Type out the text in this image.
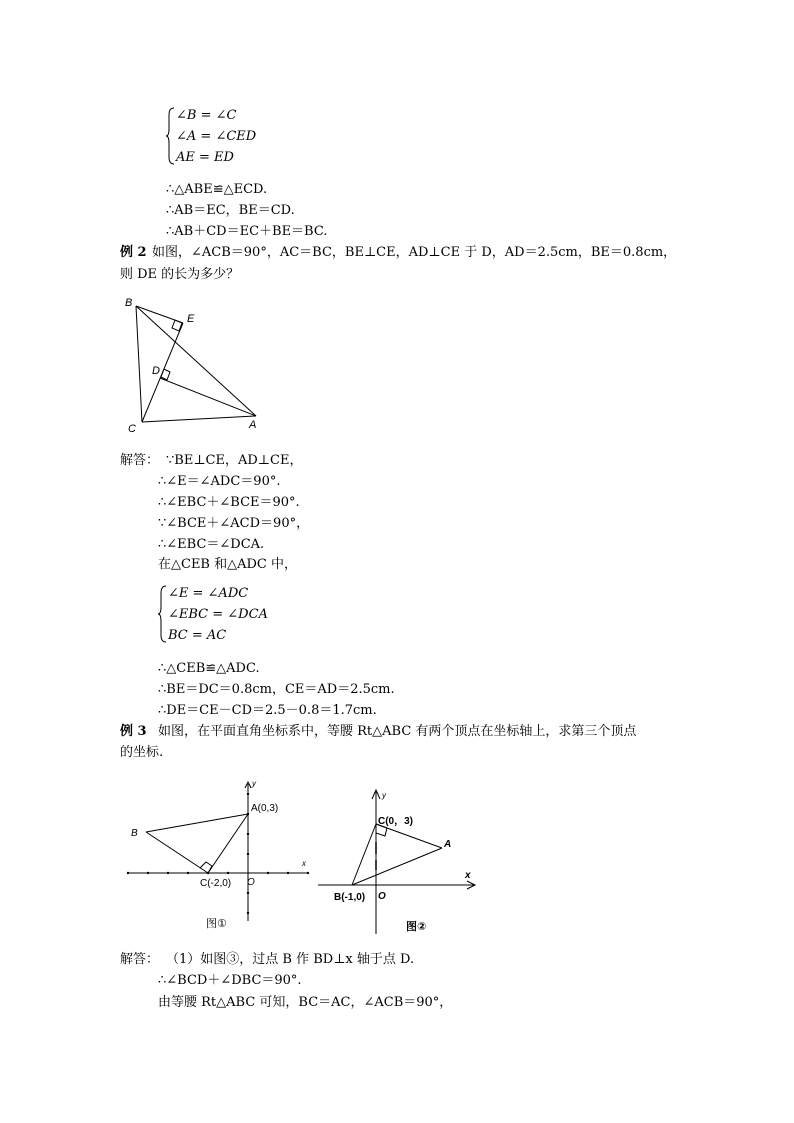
∠B = ∠C
∠A = ∠CED
AE = ED
∴△ABE≌△ECD.
∴AB＝EC，BE＝CD.
∴AB＋CD＝EC＋BE＝BC.
例 2 如图，∠ACB＝90°，AC＝BC，BE⊥CE，AD⊥CE 于 D，AD＝2.5cm，BE＝0.8cm，
则 DE 的长为多少？
B
E
D
C	A
解答： ∵BE⊥CE，AD⊥CE，
∴∠E＝∠ADC＝90°.
∴∠EBC＋∠BCE＝90°.
∵∠BCE＋∠ACD＝90°，
∴∠EBC＝∠DCA.
在△CEB 和△ADC 中，
∠E = ∠ADC
∠EBC = ∠DCA
BC = AC
∴△CEB≌△ADC.
∴BE＝DC＝0.8cm，CE＝AD＝2.5cm.
∴DE＝CE－CD＝2.5－0.8＝1.7cm.
例 3 如图，在平面直角坐标系中，等腰 Rt△ABC 有两个顶点在坐标轴上，求第三个顶点
的坐标.
y
x
A(0,3)
B
C(-2,0) O
图①
y
x
C(0，3)
A
B(-1,0) O
图②
解答： （1）如图③，过点 B 作 BD⊥x 轴于点 D.
∴∠BCD＋∠DBC＝90°.
由等腰 Rt△ABC 可知，BC＝AC，∠ACB＝90°，
